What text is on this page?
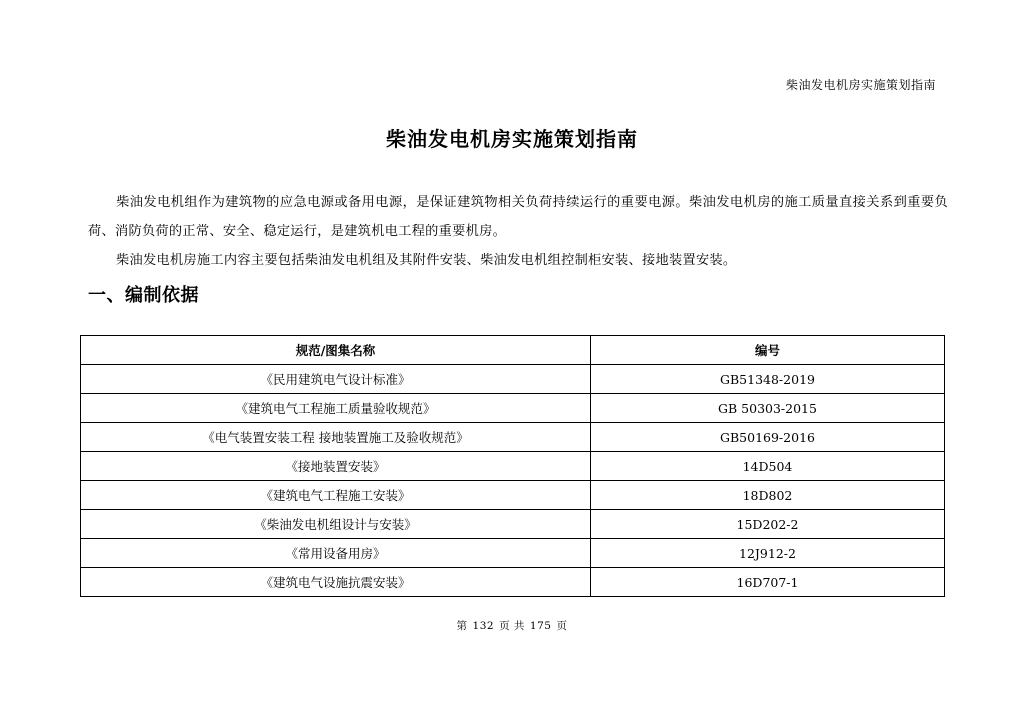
柴油发电机房实施策划指南
柴油发电机房实施策划指南

柴油发电机组作为建筑物的应急电源或备用电源，是保证建筑物相关负荷持续运行的重要电源。柴油发电机房的施工质量直接关系到重要负荷、消防负荷的正常、安全、稳定运行，是建筑机电工程的重要机房。

柴油发电机房施工内容主要包括柴油发电机组及其附件安装、柴油发电机组控制柜安装、接地装置安装。

一、编制依据
规范/图集名称	编号
《民用建筑电气设计标准》	GB51348-2019
《建筑电气工程施工质量验收规范》	GB 50303-2015
《电气装置安装工程 接地装置施工及验收规范》	GB50169-2016
《接地装置安装》	14D504
《建筑电气工程施工安装》	18D802
《柴油发电机组设计与安装》	15D202-2
《常用设备用房》	12J912-2
《建筑电气设施抗震安装》	16D707-1
第 132 页 共 175 页
